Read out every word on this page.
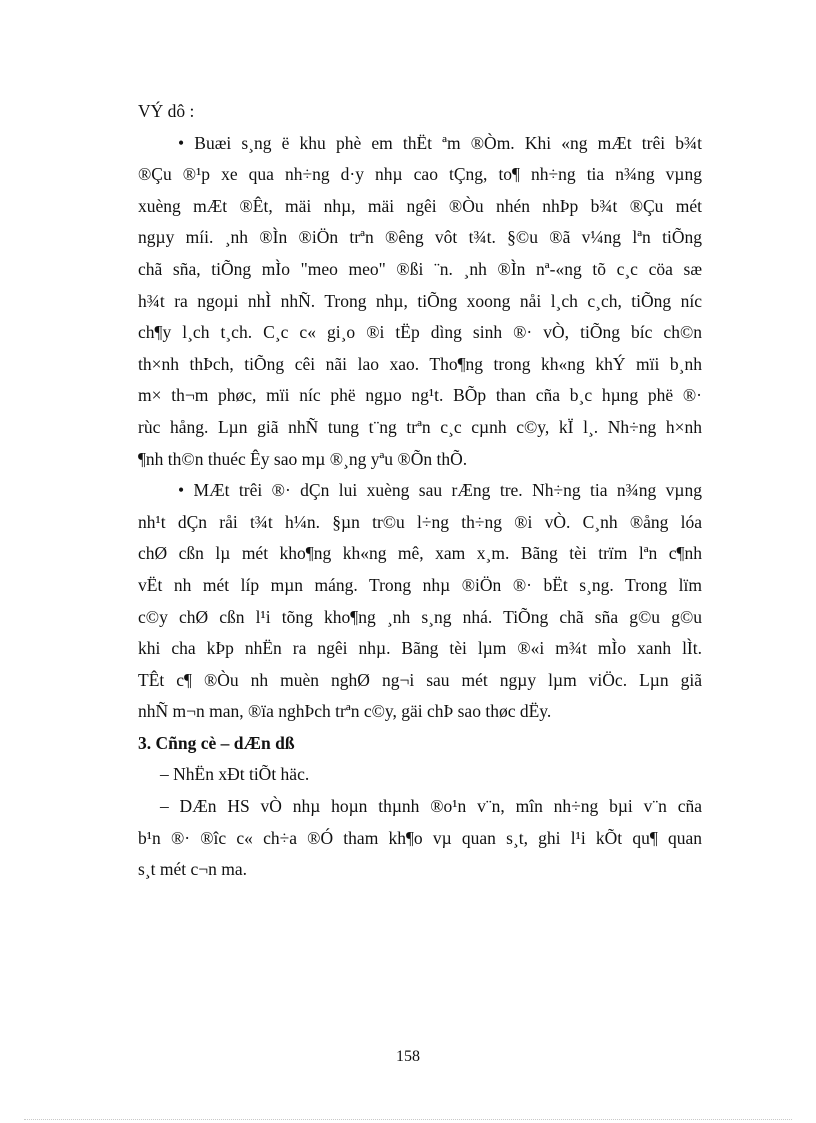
VÝ dô :
• Buæi s¸ng ë khu phè em thËt ªm ®Òm. Khi «ng mÆt trêi b¾t
®Çu ®¹p xe qua nh÷ng d·y nhµ cao tÇng, to¶ nh÷ng tia n¾ng vµng
xuèng mÆt ®Êt, mäi nhµ, mäi ngêi ®Òu nhén nhÞp b¾t ®Çu mét
ngµy míi. ¸nh ®Ìn ®iÖn trªn ®êng vôt t¾t. §©u ®ã v¼ng lªn tiÕng
chã sña, tiÕng mÌo "meo meo" ®ßi ¨n. ¸nh ®Ìn nª-«ng tõ c¸c cöa sæ
h¾t ra ngoµi nhÌ nhÑ. Trong nhµ, tiÕng xoong nåi l¸ch c¸ch, tiÕng níc
ch¶y l¸ch t¸ch. C¸c c« gi¸o ®i tËp dìng sinh ®· vÒ, tiÕng bíc ch©n
th×nh thÞch, tiÕng cêi nãi lao xao. Tho¶ng trong kh«ng khÝ mïi b¸nh
m× th¬m phøc, mïi níc phë ngµo ng¹t. BÕp than cña b¸c hµng phë ®·
rùc hång. Lµn giã nhÑ tung t¨ng trªn c¸c cµnh c©y, kÏ l¸. Nh÷ng h×nh
¶nh th©n thuéc Êy sao mµ ®¸ng yªu ®Õn thÕ.
• MÆt trêi ®· dÇn lui xuèng sau rÆng tre. Nh÷ng tia n¾ng vµng
nh¹t dÇn råi t¾t h¼n. §µn tr©u l÷ng th÷ng ®i vÒ. C¸nh ®ång lóa
chØ cßn lµ mét kho¶ng kh«ng mê, xam x¸m. Bãng tèi trïm lªn c¶nh
vËt nh mét líp mµn máng. Trong nhµ ®iÖn ®· bËt s¸ng. Trong lïm
c©y chØ cßn l¹i tõng kho¶ng ¸nh s¸ng nhá. TiÕng chã sña g©u g©u
khi cha kÞp nhËn ra ngêi nhµ. Bãng tèi lµm ®«i m¾t mÌo xanh lÌt.
TÊt c¶ ®Òu nh muèn nghØ ng¬i sau mét ngµy lµm viÖc. Lµn giã
nhÑ m¬n man, ®ïa nghÞch trªn c©y, gäi chÞ sao thøc dËy.
3. Cñng cè – dÆn dß
– NhËn xÐt tiÕt häc.
– DÆn HS vÒ nhµ hoµn thµnh ®o¹n v¨n, mîn nh÷ng bµi v¨n cña
b¹n ®· ®îc c« ch÷a ®Ó tham kh¶o vµ quan s¸t, ghi l¹i kÕt qu¶ quan
s¸t mét c¬n ma.
158
